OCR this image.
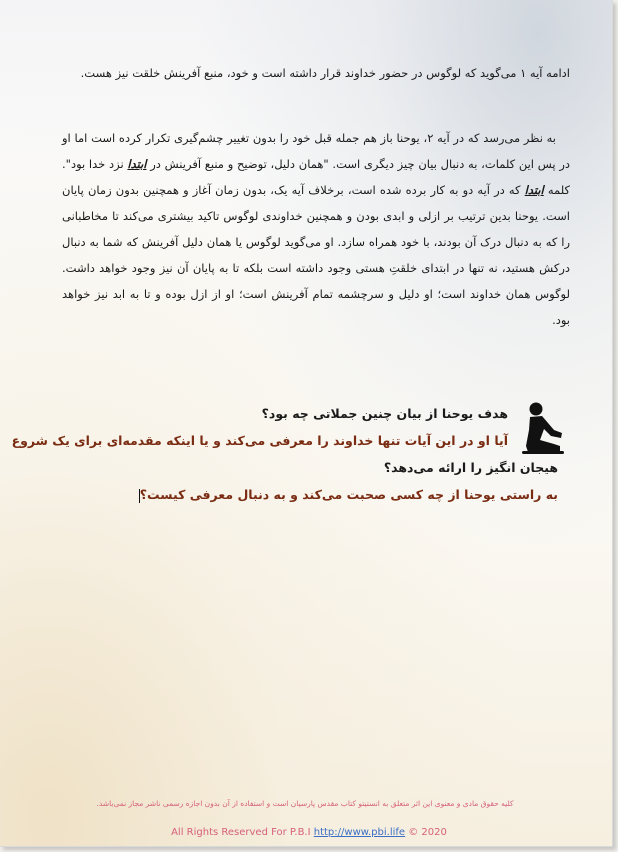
ادامه آیه ۱ می‌گوید که لوگوس در حضور خداوند قرار داشته است و خود، منبع آفرینش خلقت نیز هست.

به نظر می‌رسد که در آیه ۲، یوحنا باز هم جمله قبل خود را بدون تغییر چشم‌گیری تکرار کرده است اما او در پس این کلمات، به دنبال بیان چیز دیگری است. "همان دلیل، توضیح و منبع آفرینش در ابتدا نزد خدا بود". کلمه ابتدا که در آیه دو به کار برده شده است، برخلاف آیه یک، بدون زمان آغاز و همچنین بدون زمان پایان است. یوحنا بدین ترتیب بر ازلی و ابدی بودن و همچنین خداوندی لوگوس تاکید بیشتری می‌کند تا مخاطبانی را که به دنبال درک آن بودند، با خود همراه سازد. او می‌گوید لوگوس یا همان دلیل آفرینش که شما به دنبال درکش هستید، نه تنها در ابتدای خلقتِ هستی وجود داشته است بلکه تا به پایان آن نیز وجود خواهد داشت. لوگوس همان خداوند است؛ او دلیل و سرچشمه تمام آفرینش است؛ او از ازل بوده و تا به ابد نیز خواهد بود.

هدف یوحنا از بیان چنین جملاتی چه بود؟

آیا او در این آیات تنها خداوند را معرفی می‌کند و یا اینکه مقدمه‌ای برای یک شروع

هیجان انگیز را ارائه می‌دهد؟

به راستی یوحنا از چه کسی صحبت می‌کند و به دنبال معرفی کیست؟

کلیه حقوق مادی و معنوی این اثر متعلق به انستیتو کتاب مقدس پارسیان است و استفاده از آن بدون اجازه رسمی ناشر مجاز نمی‌باشد.

All Rights Reserved For P.B.I http://www.pbi.life © 2020
